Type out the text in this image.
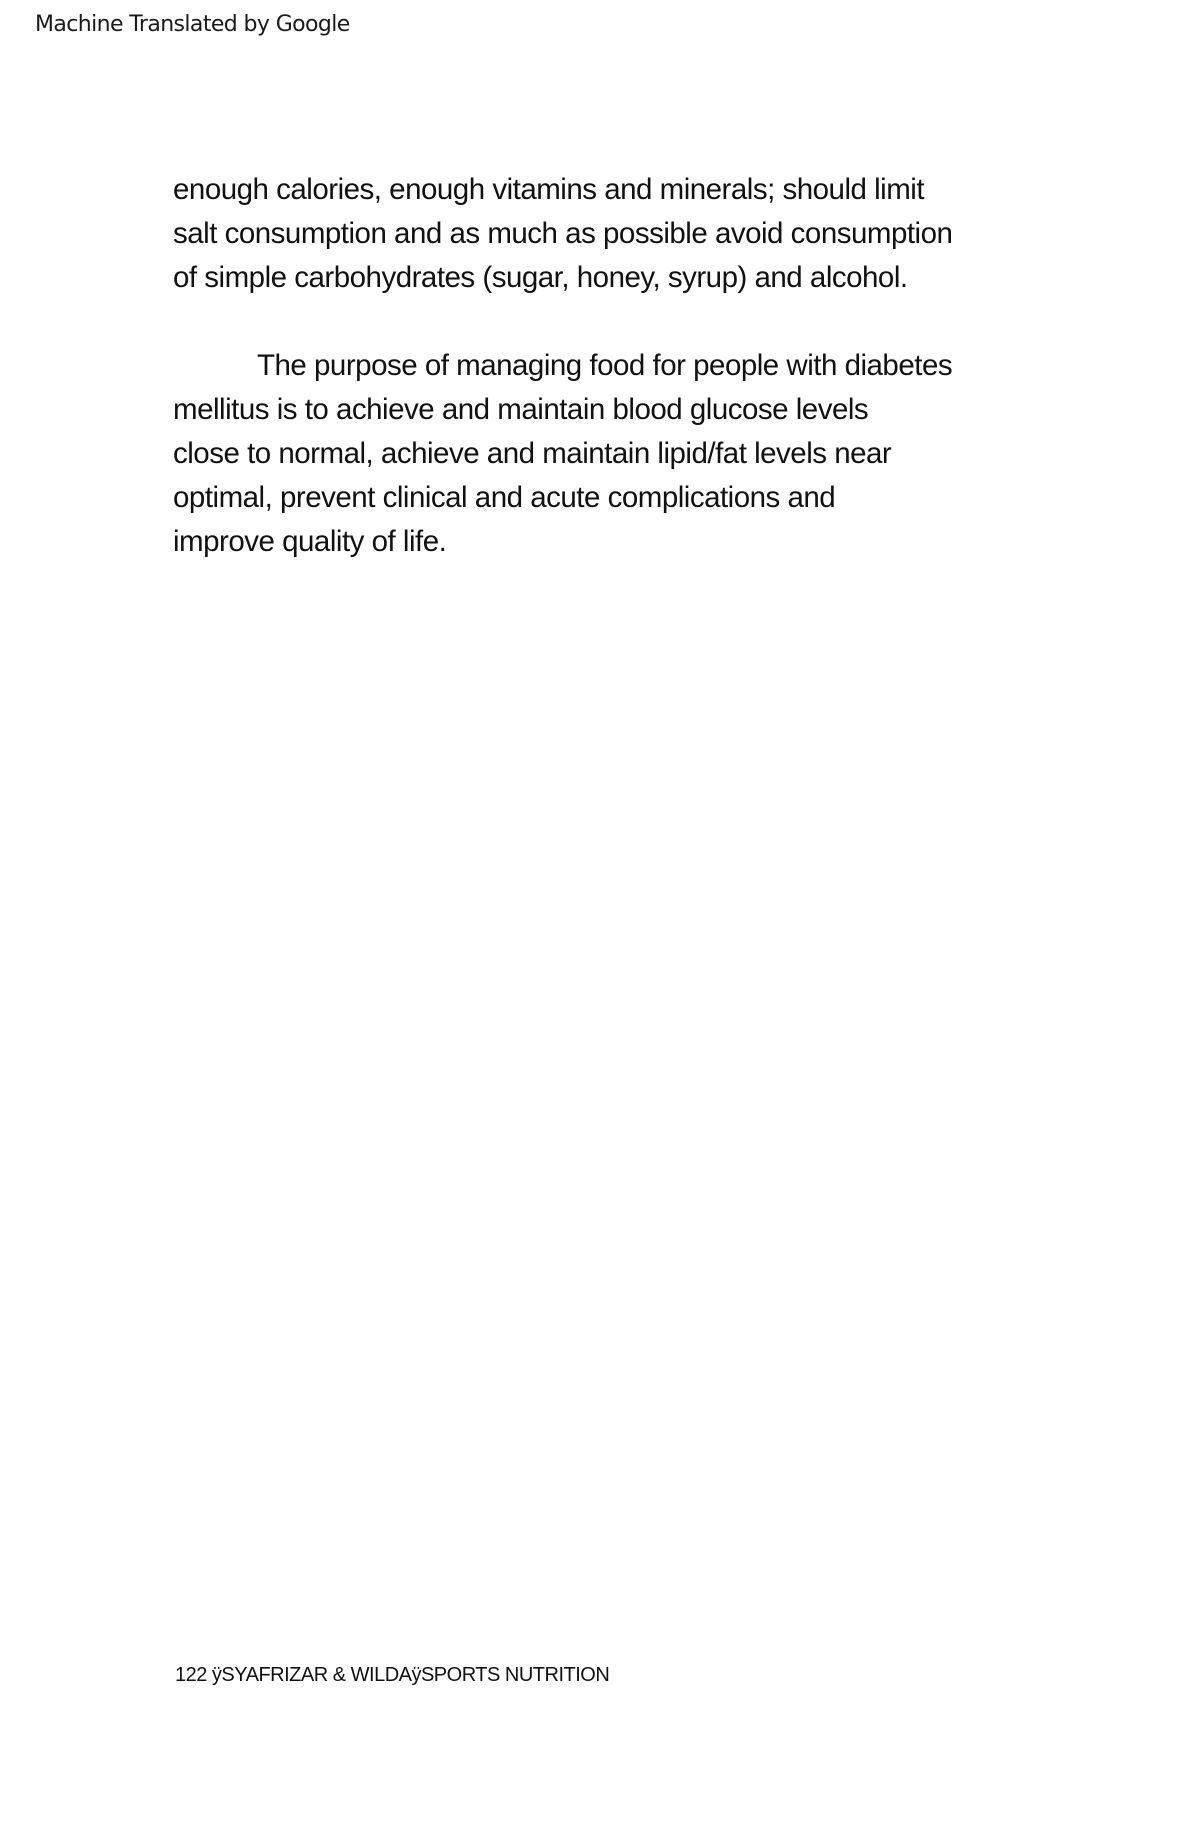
Machine Translated by Google

enough calories, enough vitamins and minerals; should limit
salt consumption and as much as possible avoid consumption
of simple carbohydrates (sugar, honey, syrup) and alcohol.

The purpose of managing food for people with diabetes
mellitus is to achieve and maintain blood glucose levels
close to normal, achieve and maintain lipid/fat levels near
optimal, prevent clinical and acute complications and
improve quality of life.

122 ÿSYAFRIZAR & WILDAÿSPORTS NUTRITION
